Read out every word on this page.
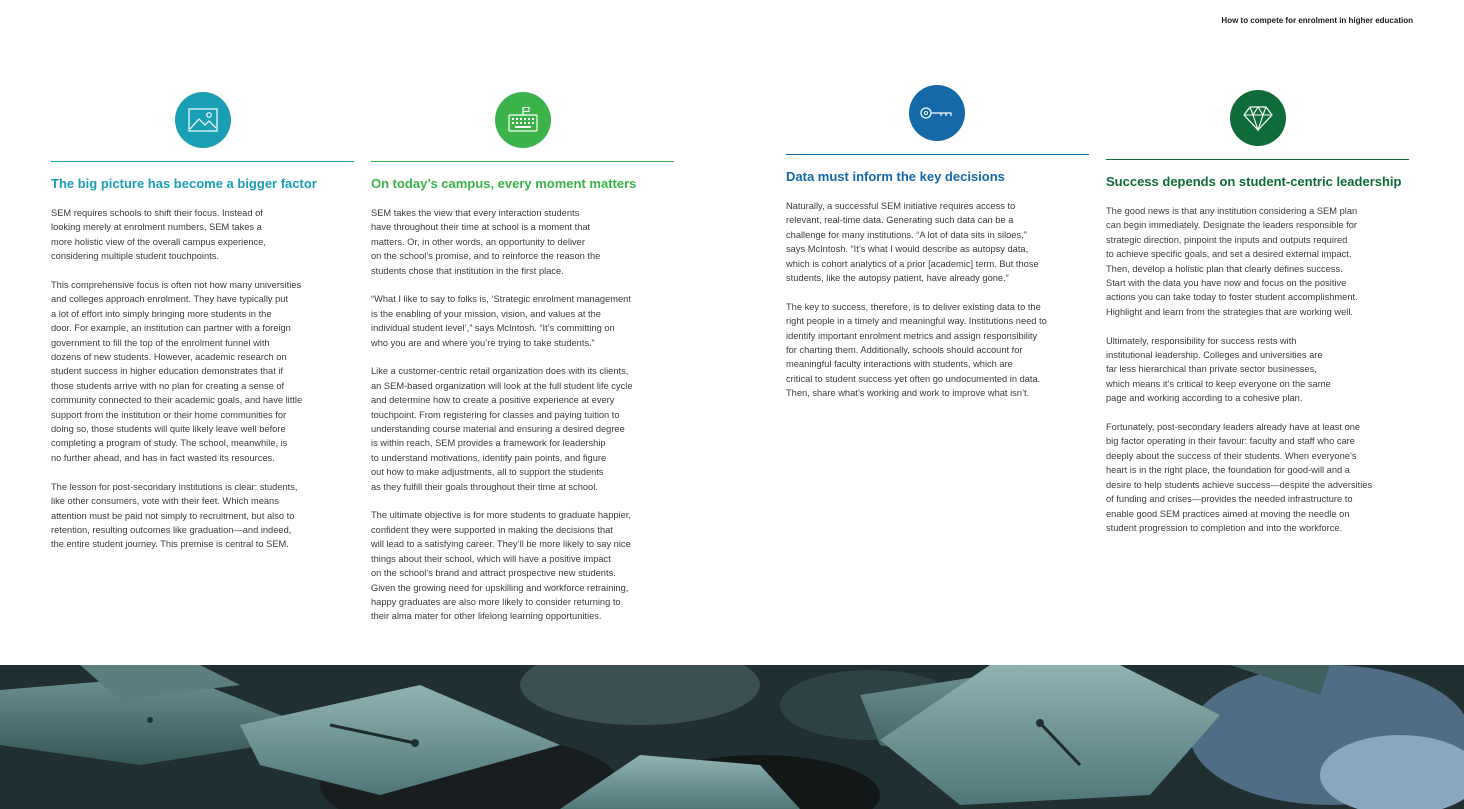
How to compete for enrolment in higher education
The big picture has become a bigger factor

SEM requires schools to shift their focus. Instead of
looking merely at enrolment numbers, SEM takes a
more holistic view of the overall campus experience,
considering multiple student touchpoints.

This comprehensive focus is often not how many universities
and colleges approach enrolment. They have typically put
a lot of effort into simply bringing more students in the
door. For example, an institution can partner with a foreign
government to fill the top of the enrolment funnel with
dozens of new students. However, academic research on
student success in higher education demonstrates that if
those students arrive with no plan for creating a sense of
community connected to their academic goals, and have little
support from the institution or their home communities for
doing so, those students will quite likely leave well before
completing a program of study. The school, meanwhile, is
no further ahead, and has in fact wasted its resources.

The lesson for post-secondary institutions is clear: students,
like other consumers, vote with their feet. Which means
attention must be paid not simply to recruitment, but also to
retention, resulting outcomes like graduation—and indeed,
the entire student journey. This premise is central to SEM.

On today’s campus, every moment matters

SEM takes the view that every interaction students
have throughout their time at school is a moment that
matters. Or, in other words, an opportunity to deliver
on the school’s promise, and to reinforce the reason the
students chose that institution in the first place.

“What I like to say to folks is, ‘Strategic enrolment management
is the enabling of your mission, vision, and values at the
individual student level’,” says McIntosh. “It’s committing on
who you are and where you’re trying to take students.”

Like a customer-centric retail organization does with its clients,
an SEM-based organization will look at the full student life cycle
and determine how to create a positive experience at every
touchpoint. From registering for classes and paying tuition to
understanding course material and ensuring a desired degree
is within reach, SEM provides a framework for leadership
to understand motivations, identify pain points, and figure
out how to make adjustments, all to support the students
as they fulfill their goals throughout their time at school.

The ultimate objective is for more students to graduate happier,
confident they were supported in making the decisions that
will lead to a satisfying career. They’ll be more likely to say nice
things about their school, which will have a positive impact
on the school’s brand and attract prospective new students.
Given the growing need for upskilling and workforce retraining,
happy graduates are also more likely to consider returning to
their alma mater for other lifelong learning opportunities.

Data must inform the key decisions

Naturally, a successful SEM initiative requires access to
relevant, real-time data. Generating such data can be a
challenge for many institutions. “A lot of data sits in siloes,”
says McIntosh. “It’s what I would describe as autopsy data,
which is cohort analytics of a prior [academic] term. But those
students, like the autopsy patient, have already gone.”

The key to success, therefore, is to deliver existing data to the
right people in a timely and meaningful way. Institutions need to
identify important enrolment metrics and assign responsibility
for charting them. Additionally, schools should account for
meaningful faculty interactions with students, which are
critical to student success yet often go undocumented in data.
Then, share what’s working and work to improve what isn’t.

Success depends on student-centric leadership

The good news is that any institution considering a SEM plan
can begin immediately. Designate the leaders responsible for
strategic direction, pinpoint the inputs and outputs required
to achieve specific goals, and set a desired external impact.
Then, develop a holistic plan that clearly defines success.
Start with the data you have now and focus on the positive
actions you can take today to foster student accomplishment.
Highlight and learn from the strategies that are working well.

Ultimately, responsibility for success rests with
institutional leadership. Colleges and universities are
far less hierarchical than private sector businesses,
which means it’s critical to keep everyone on the same
page and working according to a cohesive plan.

Fortunately, post-secondary leaders already have at least one
big factor operating in their favour: faculty and staff who care
deeply about the success of their students. When everyone’s
heart is in the right place, the foundation for good-will and a
desire to help students achieve success—despite the adversities
of funding and crises—provides the needed infrastructure to
enable good SEM practices aimed at moving the needle on
student progression to completion and into the workforce.
